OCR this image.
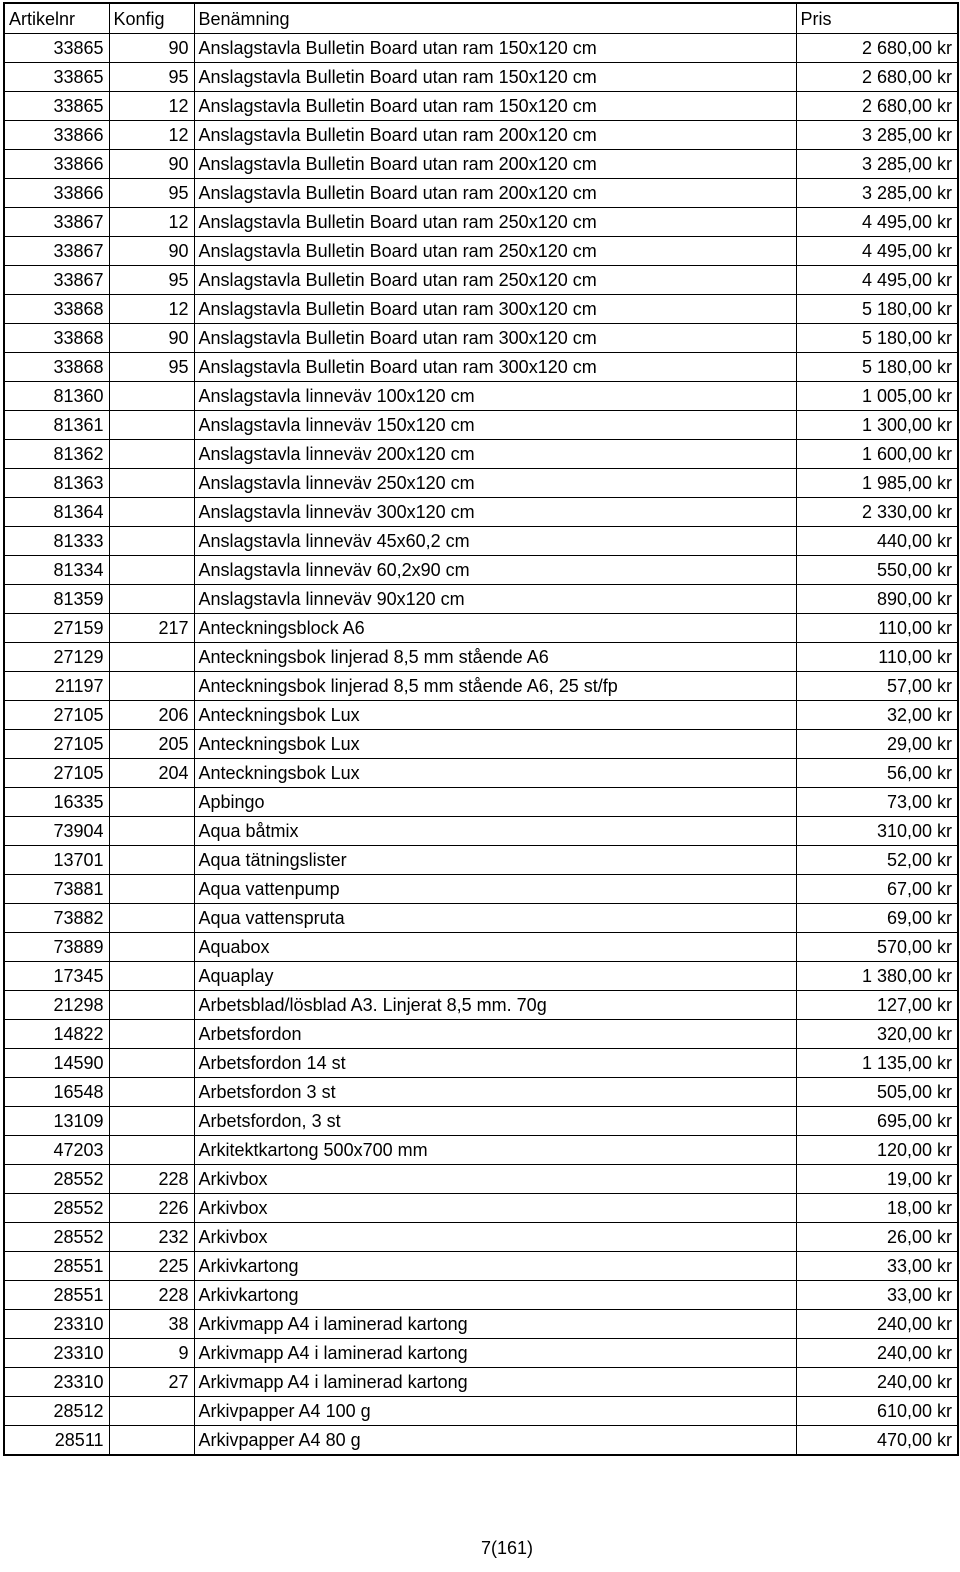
Artikelnr	Konfig	Benämning	Pris
33865	90	Anslagstavla Bulletin Board utan ram 150x120 cm	2 680,00 kr
33865	95	Anslagstavla Bulletin Board utan ram 150x120 cm	2 680,00 kr
33865	12	Anslagstavla Bulletin Board utan ram 150x120 cm	2 680,00 kr
33866	12	Anslagstavla Bulletin Board utan ram 200x120 cm	3 285,00 kr
33866	90	Anslagstavla Bulletin Board utan ram 200x120 cm	3 285,00 kr
33866	95	Anslagstavla Bulletin Board utan ram 200x120 cm	3 285,00 kr
33867	12	Anslagstavla Bulletin Board utan ram 250x120 cm	4 495,00 kr
33867	90	Anslagstavla Bulletin Board utan ram 250x120 cm	4 495,00 kr
33867	95	Anslagstavla Bulletin Board utan ram 250x120 cm	4 495,00 kr
33868	12	Anslagstavla Bulletin Board utan ram 300x120 cm	5 180,00 kr
33868	90	Anslagstavla Bulletin Board utan ram 300x120 cm	5 180,00 kr
33868	95	Anslagstavla Bulletin Board utan ram 300x120 cm	5 180,00 kr
81360		Anslagstavla linneväv 100x120 cm	1 005,00 kr
81361		Anslagstavla linneväv 150x120 cm	1 300,00 kr
81362		Anslagstavla linneväv 200x120 cm	1 600,00 kr
81363		Anslagstavla linneväv 250x120 cm	1 985,00 kr
81364		Anslagstavla linneväv 300x120 cm	2 330,00 kr
81333		Anslagstavla linneväv 45x60,2 cm	440,00 kr
81334		Anslagstavla linneväv 60,2x90 cm	550,00 kr
81359		Anslagstavla linneväv 90x120 cm	890,00 kr
27159	217	Anteckningsblock A6	110,00 kr
27129		Anteckningsbok linjerad 8,5 mm stående A6	110,00 kr
21197		Anteckningsbok linjerad 8,5 mm stående A6, 25 st/fp	57,00 kr
27105	206	Anteckningsbok Lux	32,00 kr
27105	205	Anteckningsbok Lux	29,00 kr
27105	204	Anteckningsbok Lux	56,00 kr
16335		Apbingo	73,00 kr
73904		Aqua båtmix	310,00 kr
13701		Aqua tätningslister	52,00 kr
73881		Aqua vattenpump	67,00 kr
73882		Aqua vattenspruta	69,00 kr
73889		Aquabox	570,00 kr
17345		Aquaplay	1 380,00 kr
21298		Arbetsblad/lösblad A3. Linjerat 8,5 mm. 70g	127,00 kr
14822		Arbetsfordon	320,00 kr
14590		Arbetsfordon 14 st	1 135,00 kr
16548		Arbetsfordon 3 st	505,00 kr
13109		Arbetsfordon, 3 st	695,00 kr
47203		Arkitektkartong 500x700 mm	120,00 kr
28552	228	Arkivbox	19,00 kr
28552	226	Arkivbox	18,00 kr
28552	232	Arkivbox	26,00 kr
28551	225	Arkivkartong	33,00 kr
28551	228	Arkivkartong	33,00 kr
23310	38	Arkivmapp A4 i laminerad kartong	240,00 kr
23310	9	Arkivmapp A4 i laminerad kartong	240,00 kr
23310	27	Arkivmapp A4 i laminerad kartong	240,00 kr
28512		Arkivpapper A4 100 g	610,00 kr
28511		Arkivpapper A4 80 g	470,00 kr
7(161)
